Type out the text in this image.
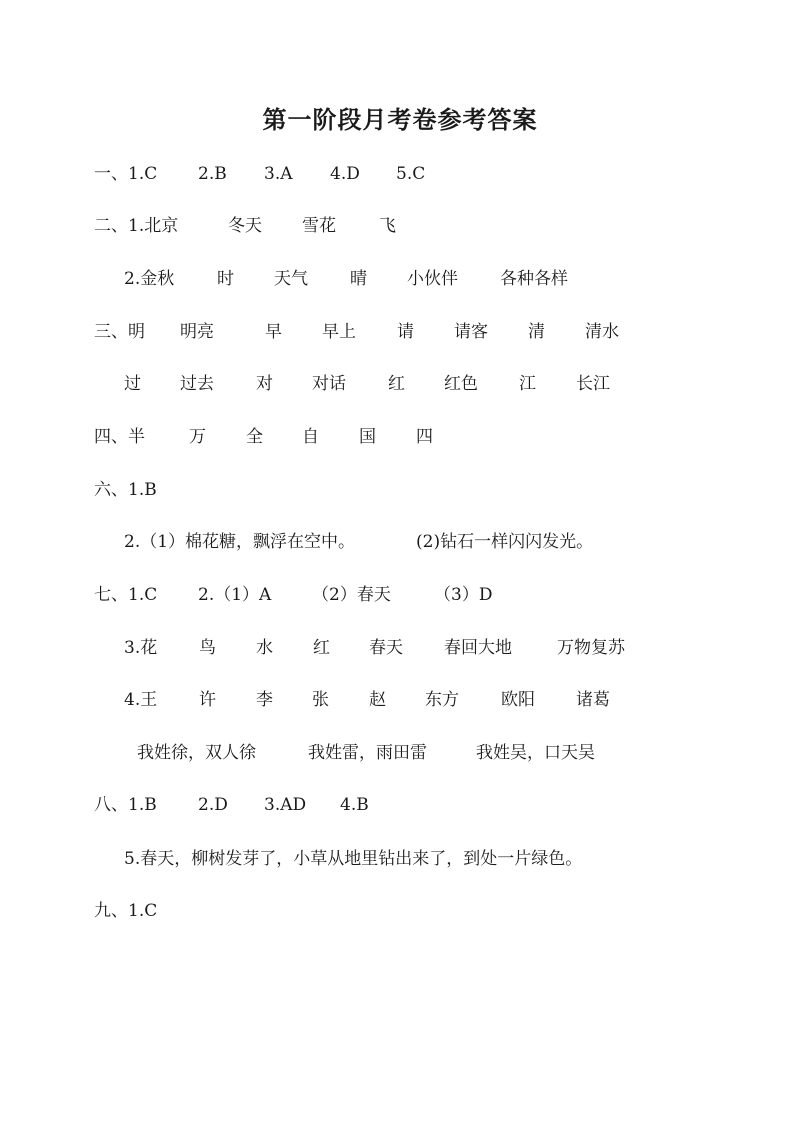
第一阶段月考卷参考答案
一、1.C 2.B 3.A 4.D 5.C
二、1.北京	冬天 雪花	飞
2.金秋	时 天气 晴 小伙伴 各种各样
三、明 明亮	早 早上 请 请客 清 清水
过 过去 对 对话 红 红色 江 长江
四、半	万 全 自 国 四
六、1.B
2.（1）棉花糖，飘浮在空中。	(2)钻石一样闪闪发光。
七、1.C 2.（1）A （2）春天	（3）D
3.花 鸟 水 红 春天 春回大地	万物复苏
4.王 许 李 张 赵 东方 欧阳 诸葛
我姓徐，双人徐	我姓雷，雨田雷	我姓吴，口天吴
八、1.B 2.D 3.AD 4.B
5.春天，柳树发芽了，小草从地里钻出来了，到处一片绿色。
九、1.C
